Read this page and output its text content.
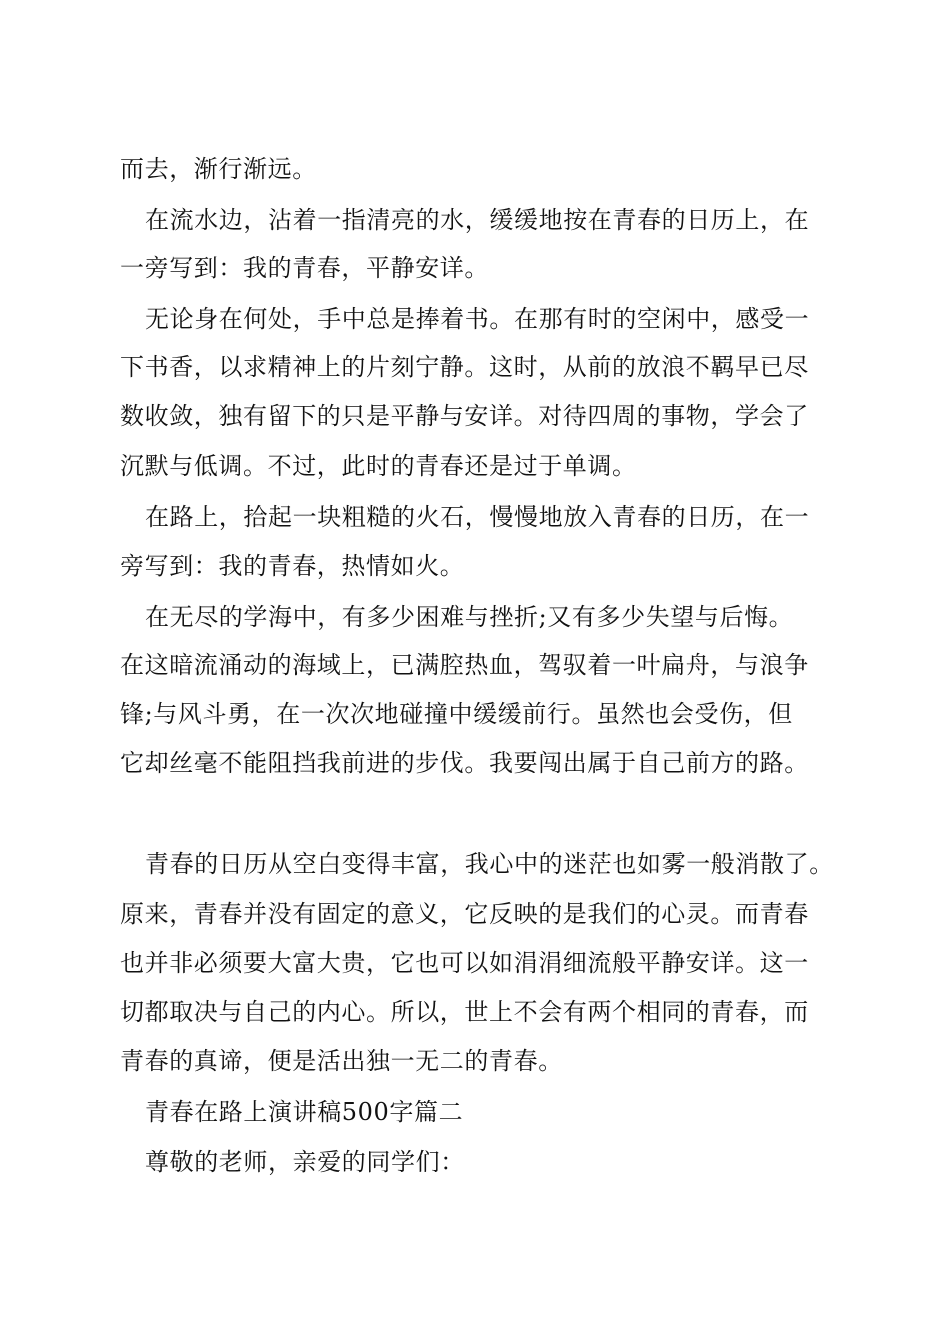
而去，渐行渐远。
在流水边，沾着一指清亮的水，缓缓地按在青春的日历上，在
一旁写到：我的青春，平静安详。
无论身在何处，手中总是捧着书。在那有时的空闲中，感受一
下书香，以求精神上的片刻宁静。这时，从前的放浪不羁早已尽
数收敛，独有留下的只是平静与安详。对待四周的事物，学会了
沉默与低调。不过，此时的青春还是过于单调。
在路上，拾起一块粗糙的火石，慢慢地放入青春的日历，在一
旁写到：我的青春，热情如火。
在无尽的学海中，有多少困难与挫折;又有多少失望与后悔。
在这暗流涌动的海域上，已满腔热血，驾驭着一叶扁舟，与浪争
锋;与风斗勇，在一次次地碰撞中缓缓前行。虽然也会受伤，但
它却丝毫不能阻挡我前进的步伐。我要闯出属于自己前方的路。
青春的日历从空白变得丰富，我心中的迷茫也如雾一般消散了。
原来，青春并没有固定的意义，它反映的是我们的心灵。而青春
也并非必须要大富大贵，它也可以如涓涓细流般平静安详。这一
切都取决与自己的内心。所以，世上不会有两个相同的青春，而
青春的真谛，便是活出独一无二的青春。
青春在路上演讲稿500字篇二
尊敬的老师，亲爱的同学们：
